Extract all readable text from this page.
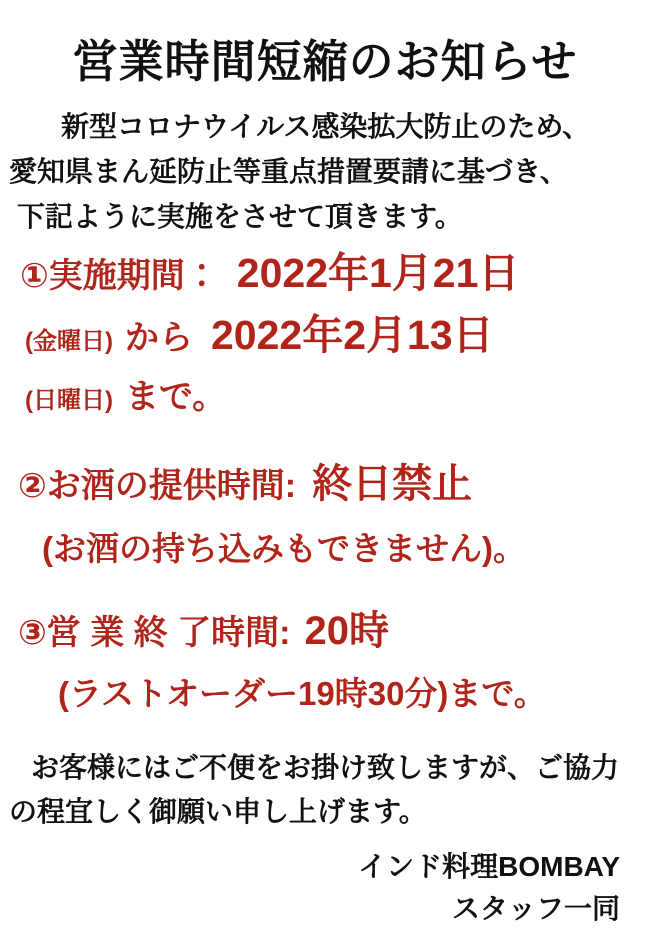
営業時間短縮のお知らせ

新型コロナウイルス感染拡大防止のため、

愛知県まん延防止等重点措置要請に基づき、

下記ように実施をさせて頂きます。

①実施期間： 2022年1月21日

(金曜日) から 2022年2月13日

(日曜日) まで。

②お酒の提供時間: 終日禁止

(お酒の持ち込みもできません)。

③営 業 終 了時間: 20時

(ラストオーダー19時30分)まで。

お客様にはご不便をお掛け致しますが、ご協力

の程宜しく御願い申し上げます。

インド料理BOMBAY

スタッフ一同
